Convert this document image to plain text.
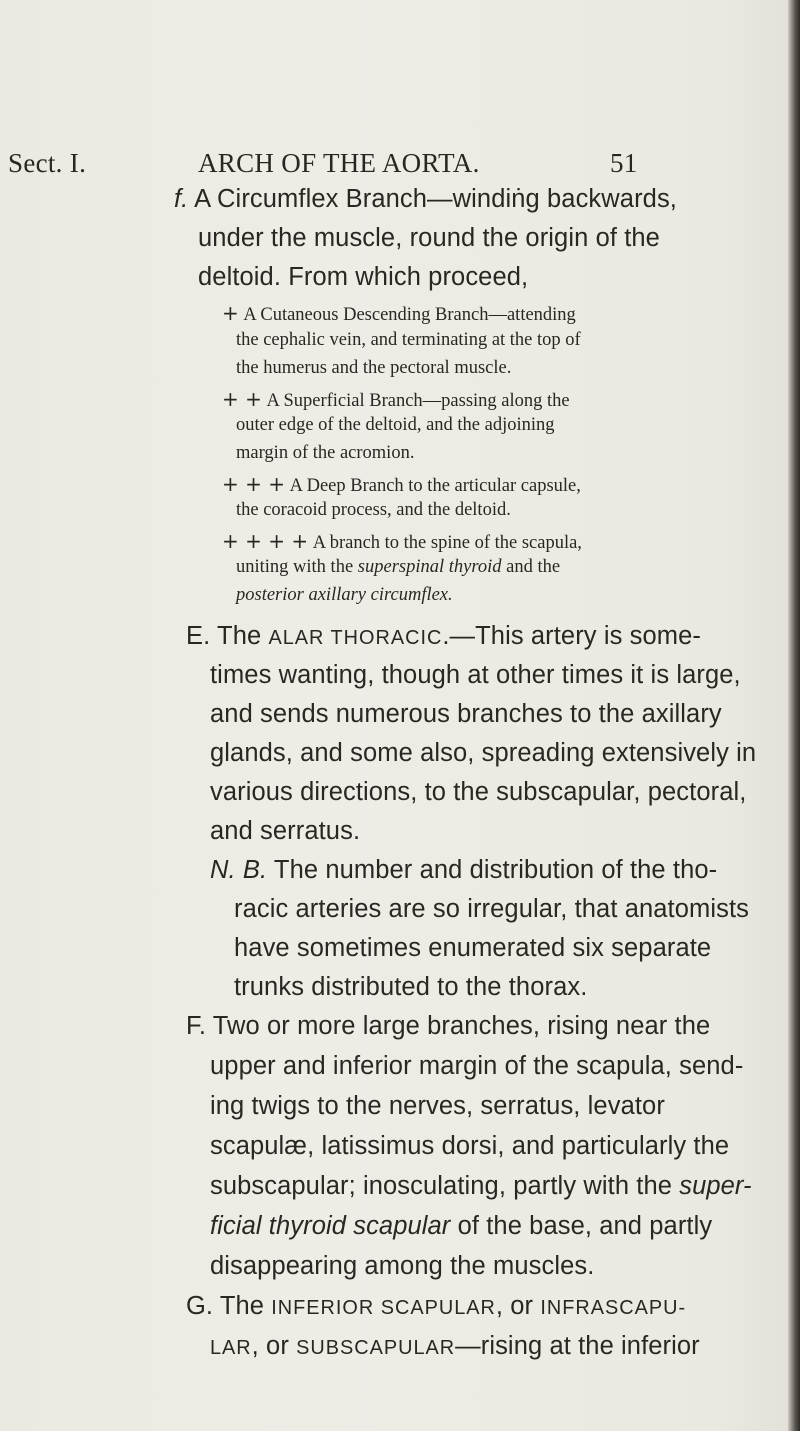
Sect. I.	ARCH OF THE AORTA.	51
f. A Circumflex Branch—windiṅg backwards,
under the muscle, round the origin of the
deltoid. From which proceed,
+ A Cutaneous Descending Branch—attending
the cephalic vein, and terminating at the top of
the humerus and the pectoral muscle.
+ + A Superficial Branch—passing along the
outer edge of the deltoid, and the adjoining
margin of the acromion.
+ + + A Deep Branch to the articular capsule,
the coracoid process, and the deltoid.
+ + + + A branch to the spine of the scapula,
uniting with the superspinal thyroid and the
posterior axillary circumflex.
E. The ALAR THORACIC.—This artery is some-
times wanting, though at other times it is large,
and sends numerous branches to the axillary
glands, and some also, spreading extensively in
various directions, to the subscapular, pectoral,
and serratus.
N. B. The number and distribution of the tho-
racic arteries are so irregular, that anatomists
have sometimes enumerated six separate
trunks distributed to the thorax.
F. Two or more large branches, rising near the
upper and inferior margin of the scapula, send-
ing twigs to the nerves, serratus, levator
scapulæ, latissimus dorsi, and particularly the
subscapular; inosculating, partly with the super-
ficial thyroid scapular of the base, and partly
disappearing among the muscles.
G. The INFERIOR SCAPULAR, or INFRASCAPU-
LAR, or SUBSCAPULAR—rising at the inferior
